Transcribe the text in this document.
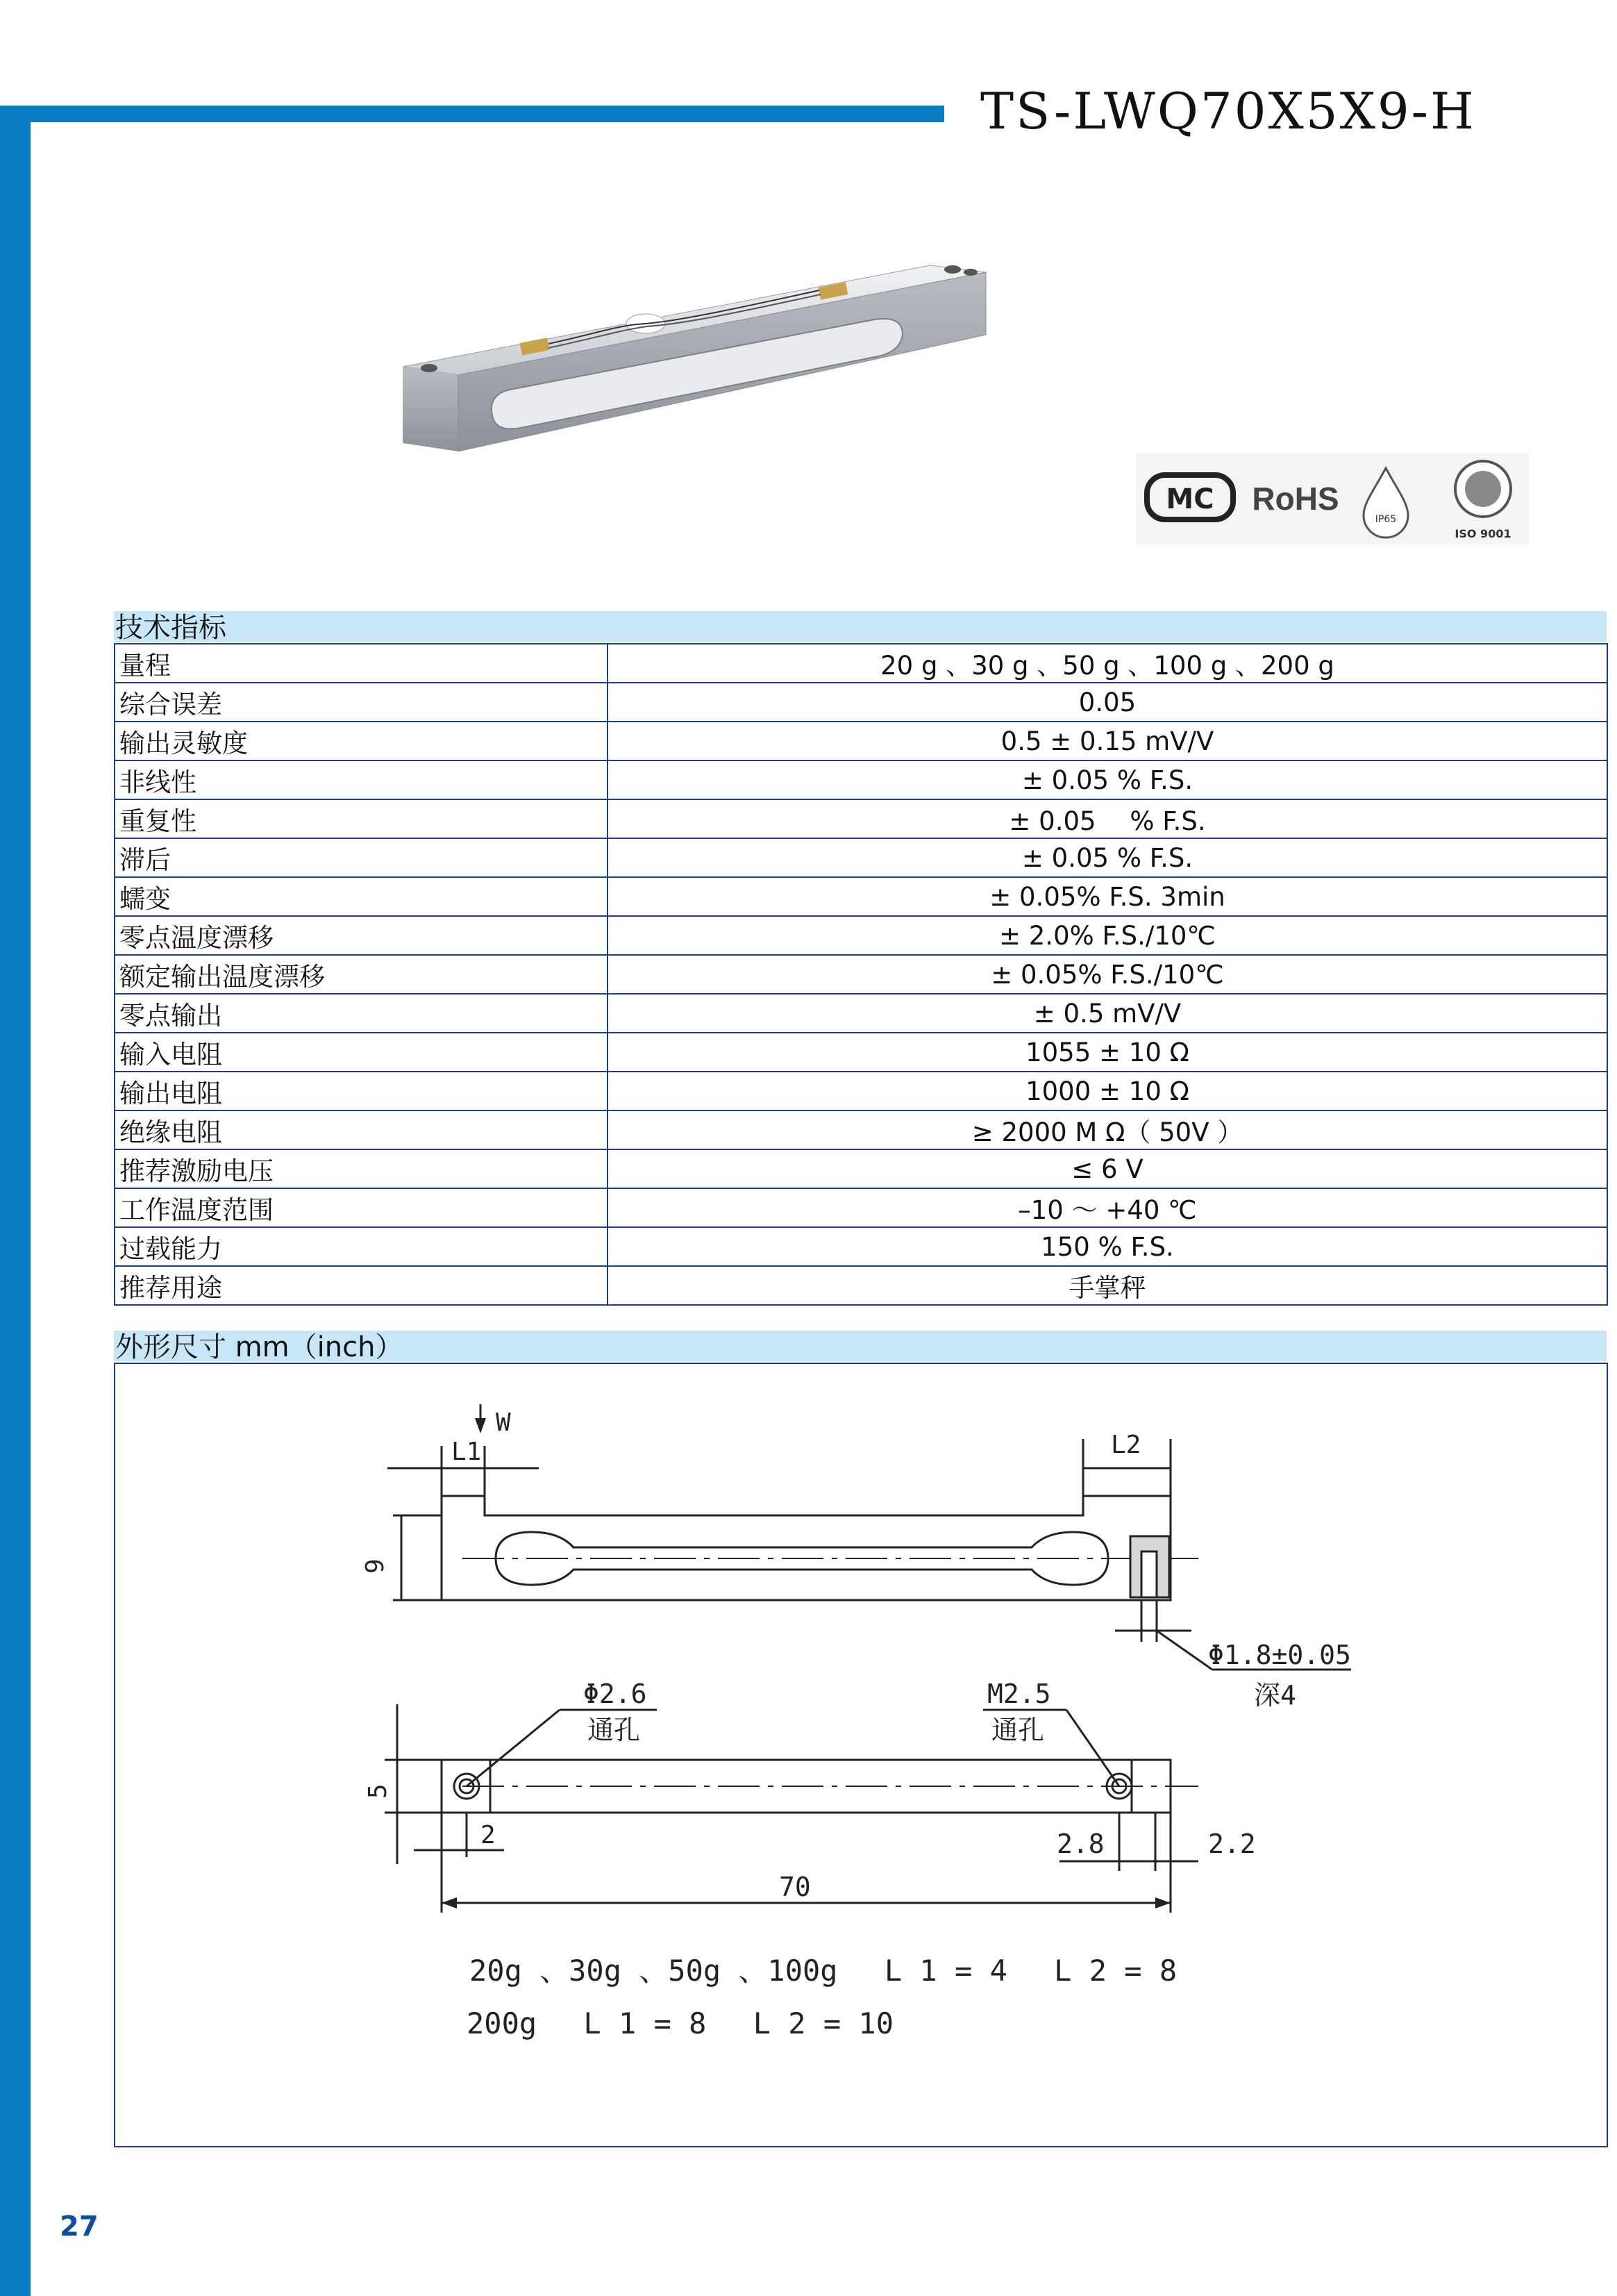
TS-LWQ70X5X9-H
MC RoHS
IP65
ISO 9001
技术指标
量程	20 g 、30 g 、50 g 、100 g 、200 g
综合误差	0.05
输出灵敏度	0.5 ± 0.15 mV/V
非线性	± 0.05 % F.S.
重复性	± 0.05 　% F.S.
滞后	± 0.05 % F.S.
蠕变	± 0.05% F.S. 3min
零点温度漂移	± 2.0% F.S./10℃
额定输出温度漂移	± 0.05% F.S./10℃
零点输出	± 0.5 mV/V
输入电阻	1055 ± 10 Ω
输出电阻	1000 ± 10 Ω
绝缘电阻	≥ 2000 M Ω（ 50V ）
推荐激励电压	≤ 6 V
工作温度范围	–10 ～ +40 ℃
过载能力	150 % F.S.
推荐用途	手掌秤
外形尺寸 mm（inch）
W
L1	L2
9
Φ1.8±0.05
深4
Φ2.6
通孔
M2.5
通孔
5
2	2.8	2.2
70
20g 、30g 、50g 、100g　 L 1 = 4 　L 2 = 8
200g　 L 1 = 8 　L 2 = 10
27
